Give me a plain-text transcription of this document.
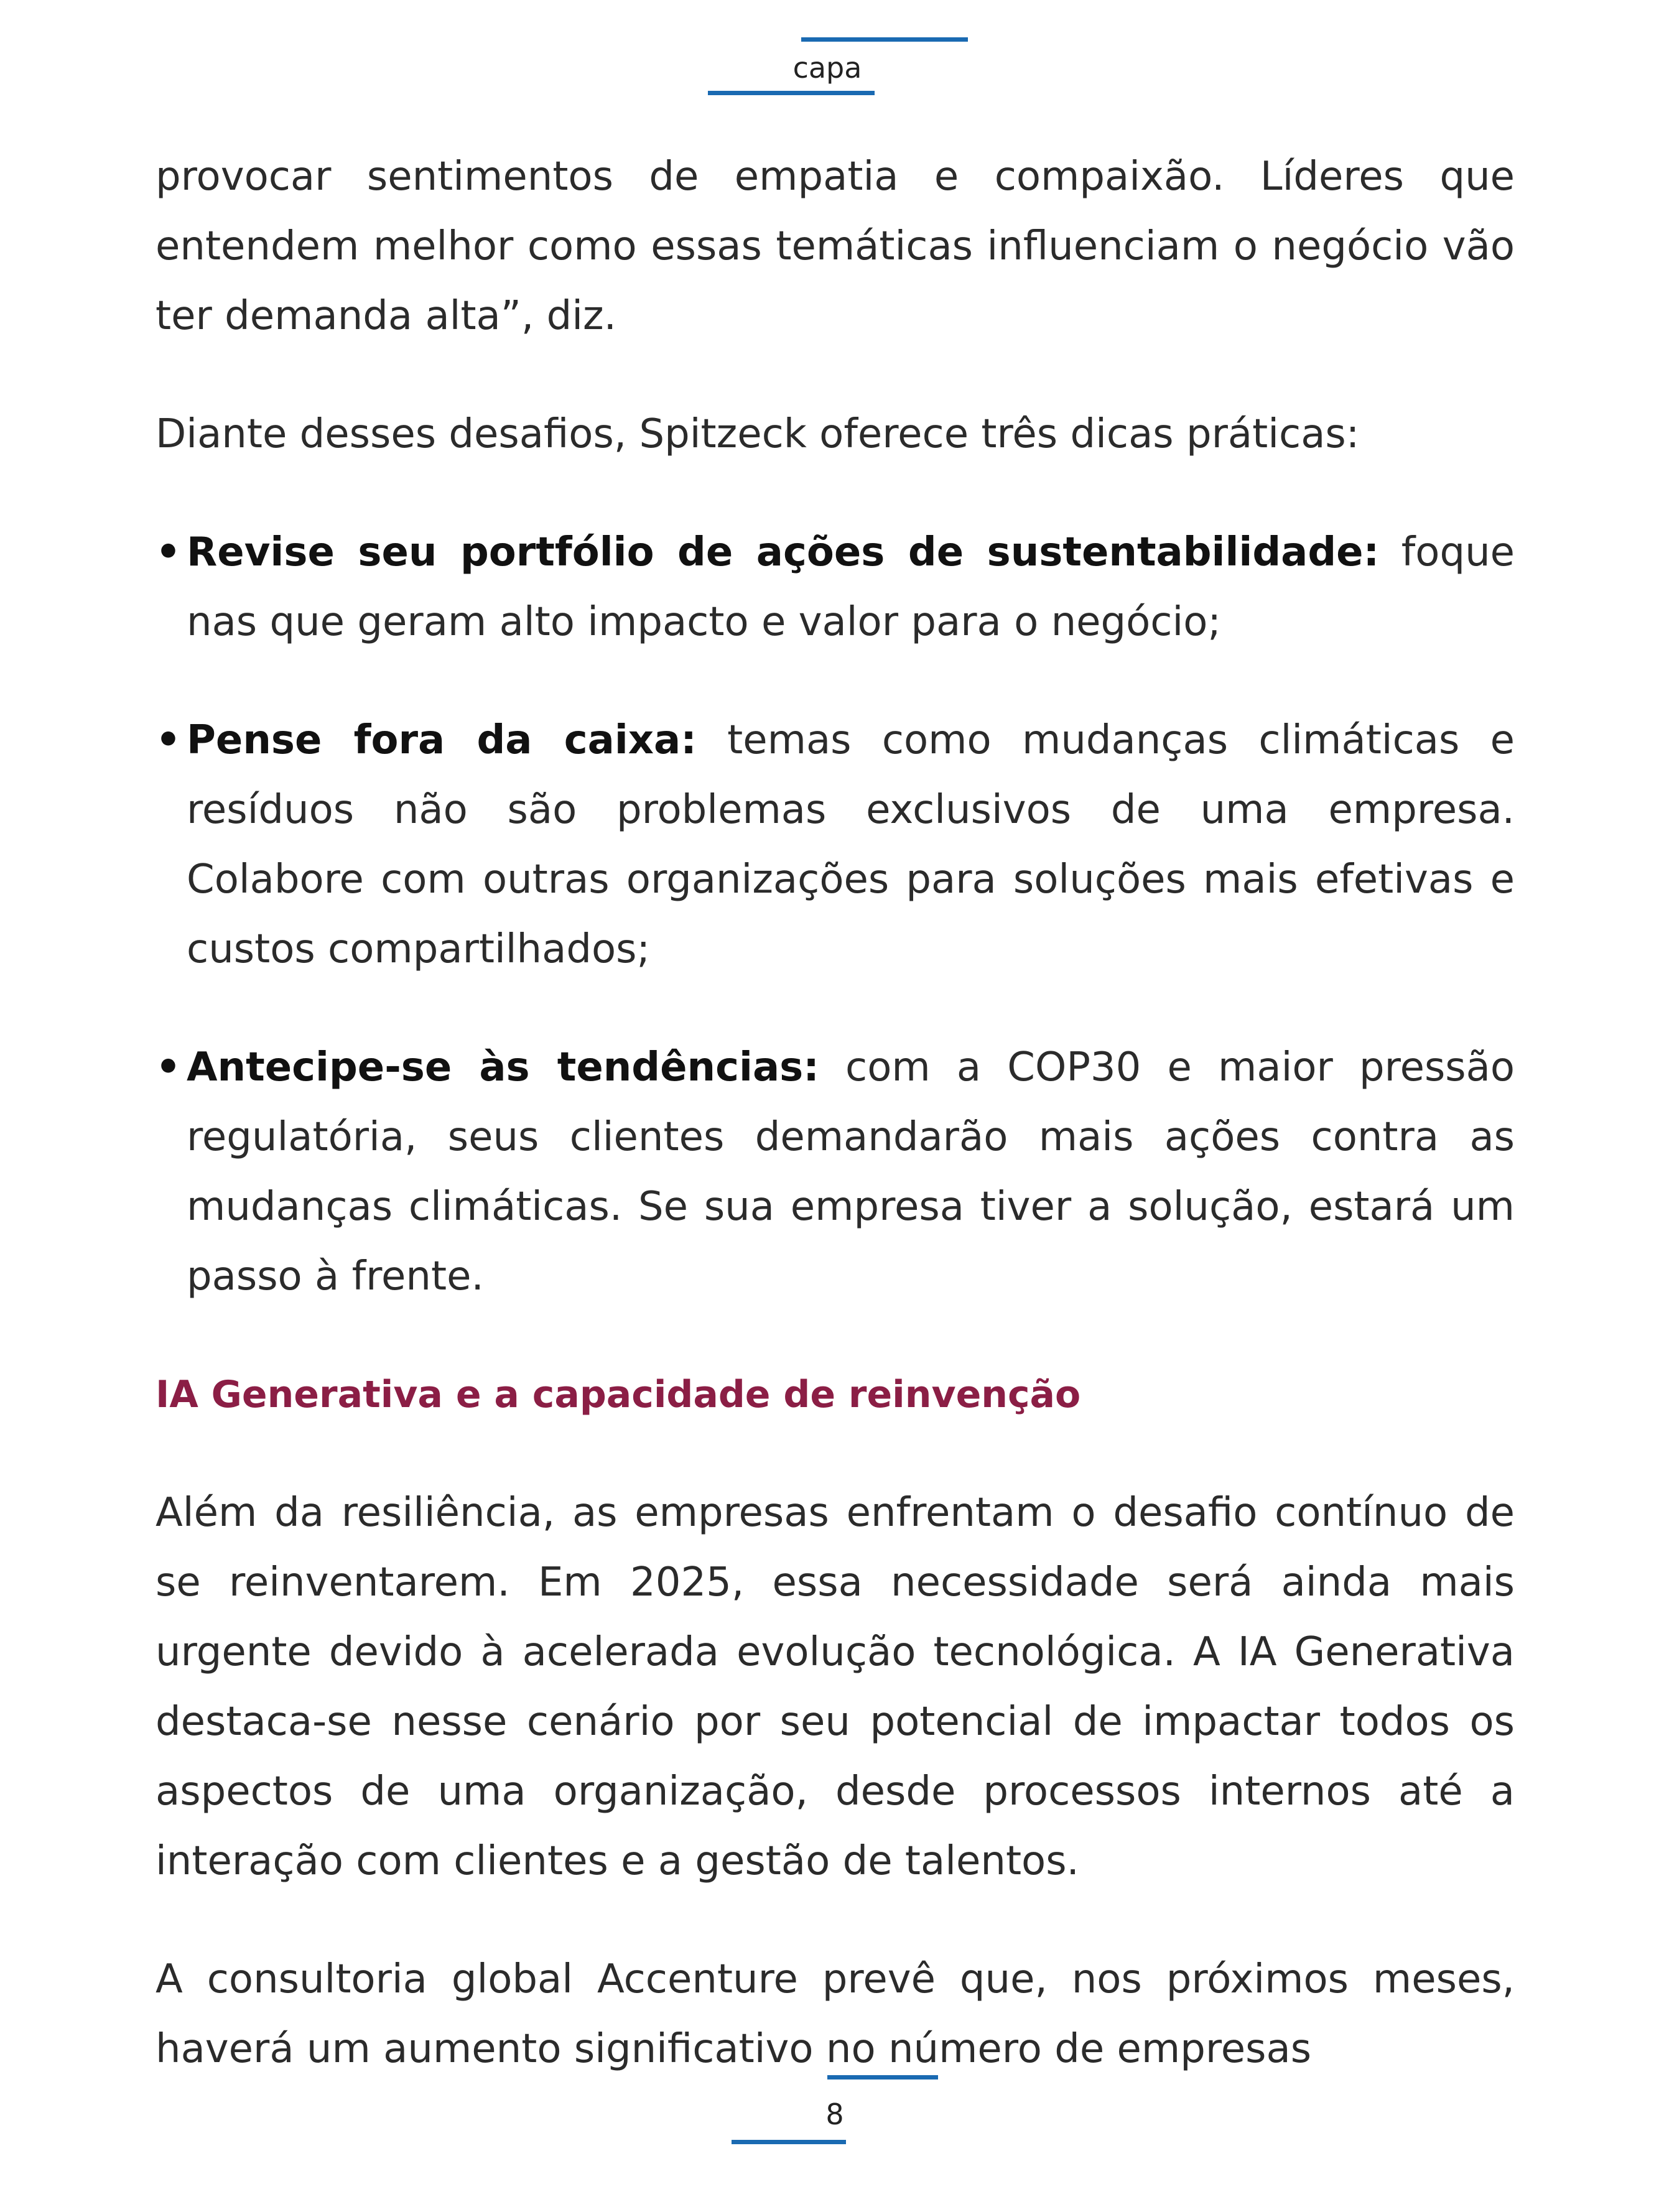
capa

provocar sentimentos de empatia e compaixão. Líderes que entendem melhor como essas temáticas influenciam o negócio vão ter demanda alta”, diz.

Diante desses desafios, Spitzeck oferece três dicas práticas:

• Revise seu portfólio de ações de sustentabilidade: foque nas que geram alto impacto e valor para o negócio;
• Pense fora da caixa: temas como mudanças climáticas e resíduos não são problemas exclusivos de uma empresa. Colabore com outras organizações para soluções mais efetivas e custos compartilhados;
• Antecipe-se às tendências: com a COP30 e maior pressão regulatória, seus clientes demandarão mais ações contra as mudanças climáticas. Se sua empresa tiver a solução, estará um passo à frente.
IA Generativa e a capacidade de reinvenção

Além da resiliência, as empresas enfrentam o desafio contínuo de se reinventarem. Em 2025, essa necessidade será ainda mais urgente devido à acelerada evolução tecnológica. A IA Generativa destaca-se nesse cenário por seu potencial de impactar todos os aspectos de uma organização, desde processos internos até a interação com clientes e a gestão de talentos.

A consultoria global Accenture prevê que, nos próximos meses, haverá um aumento significativo no número de empresas

8
